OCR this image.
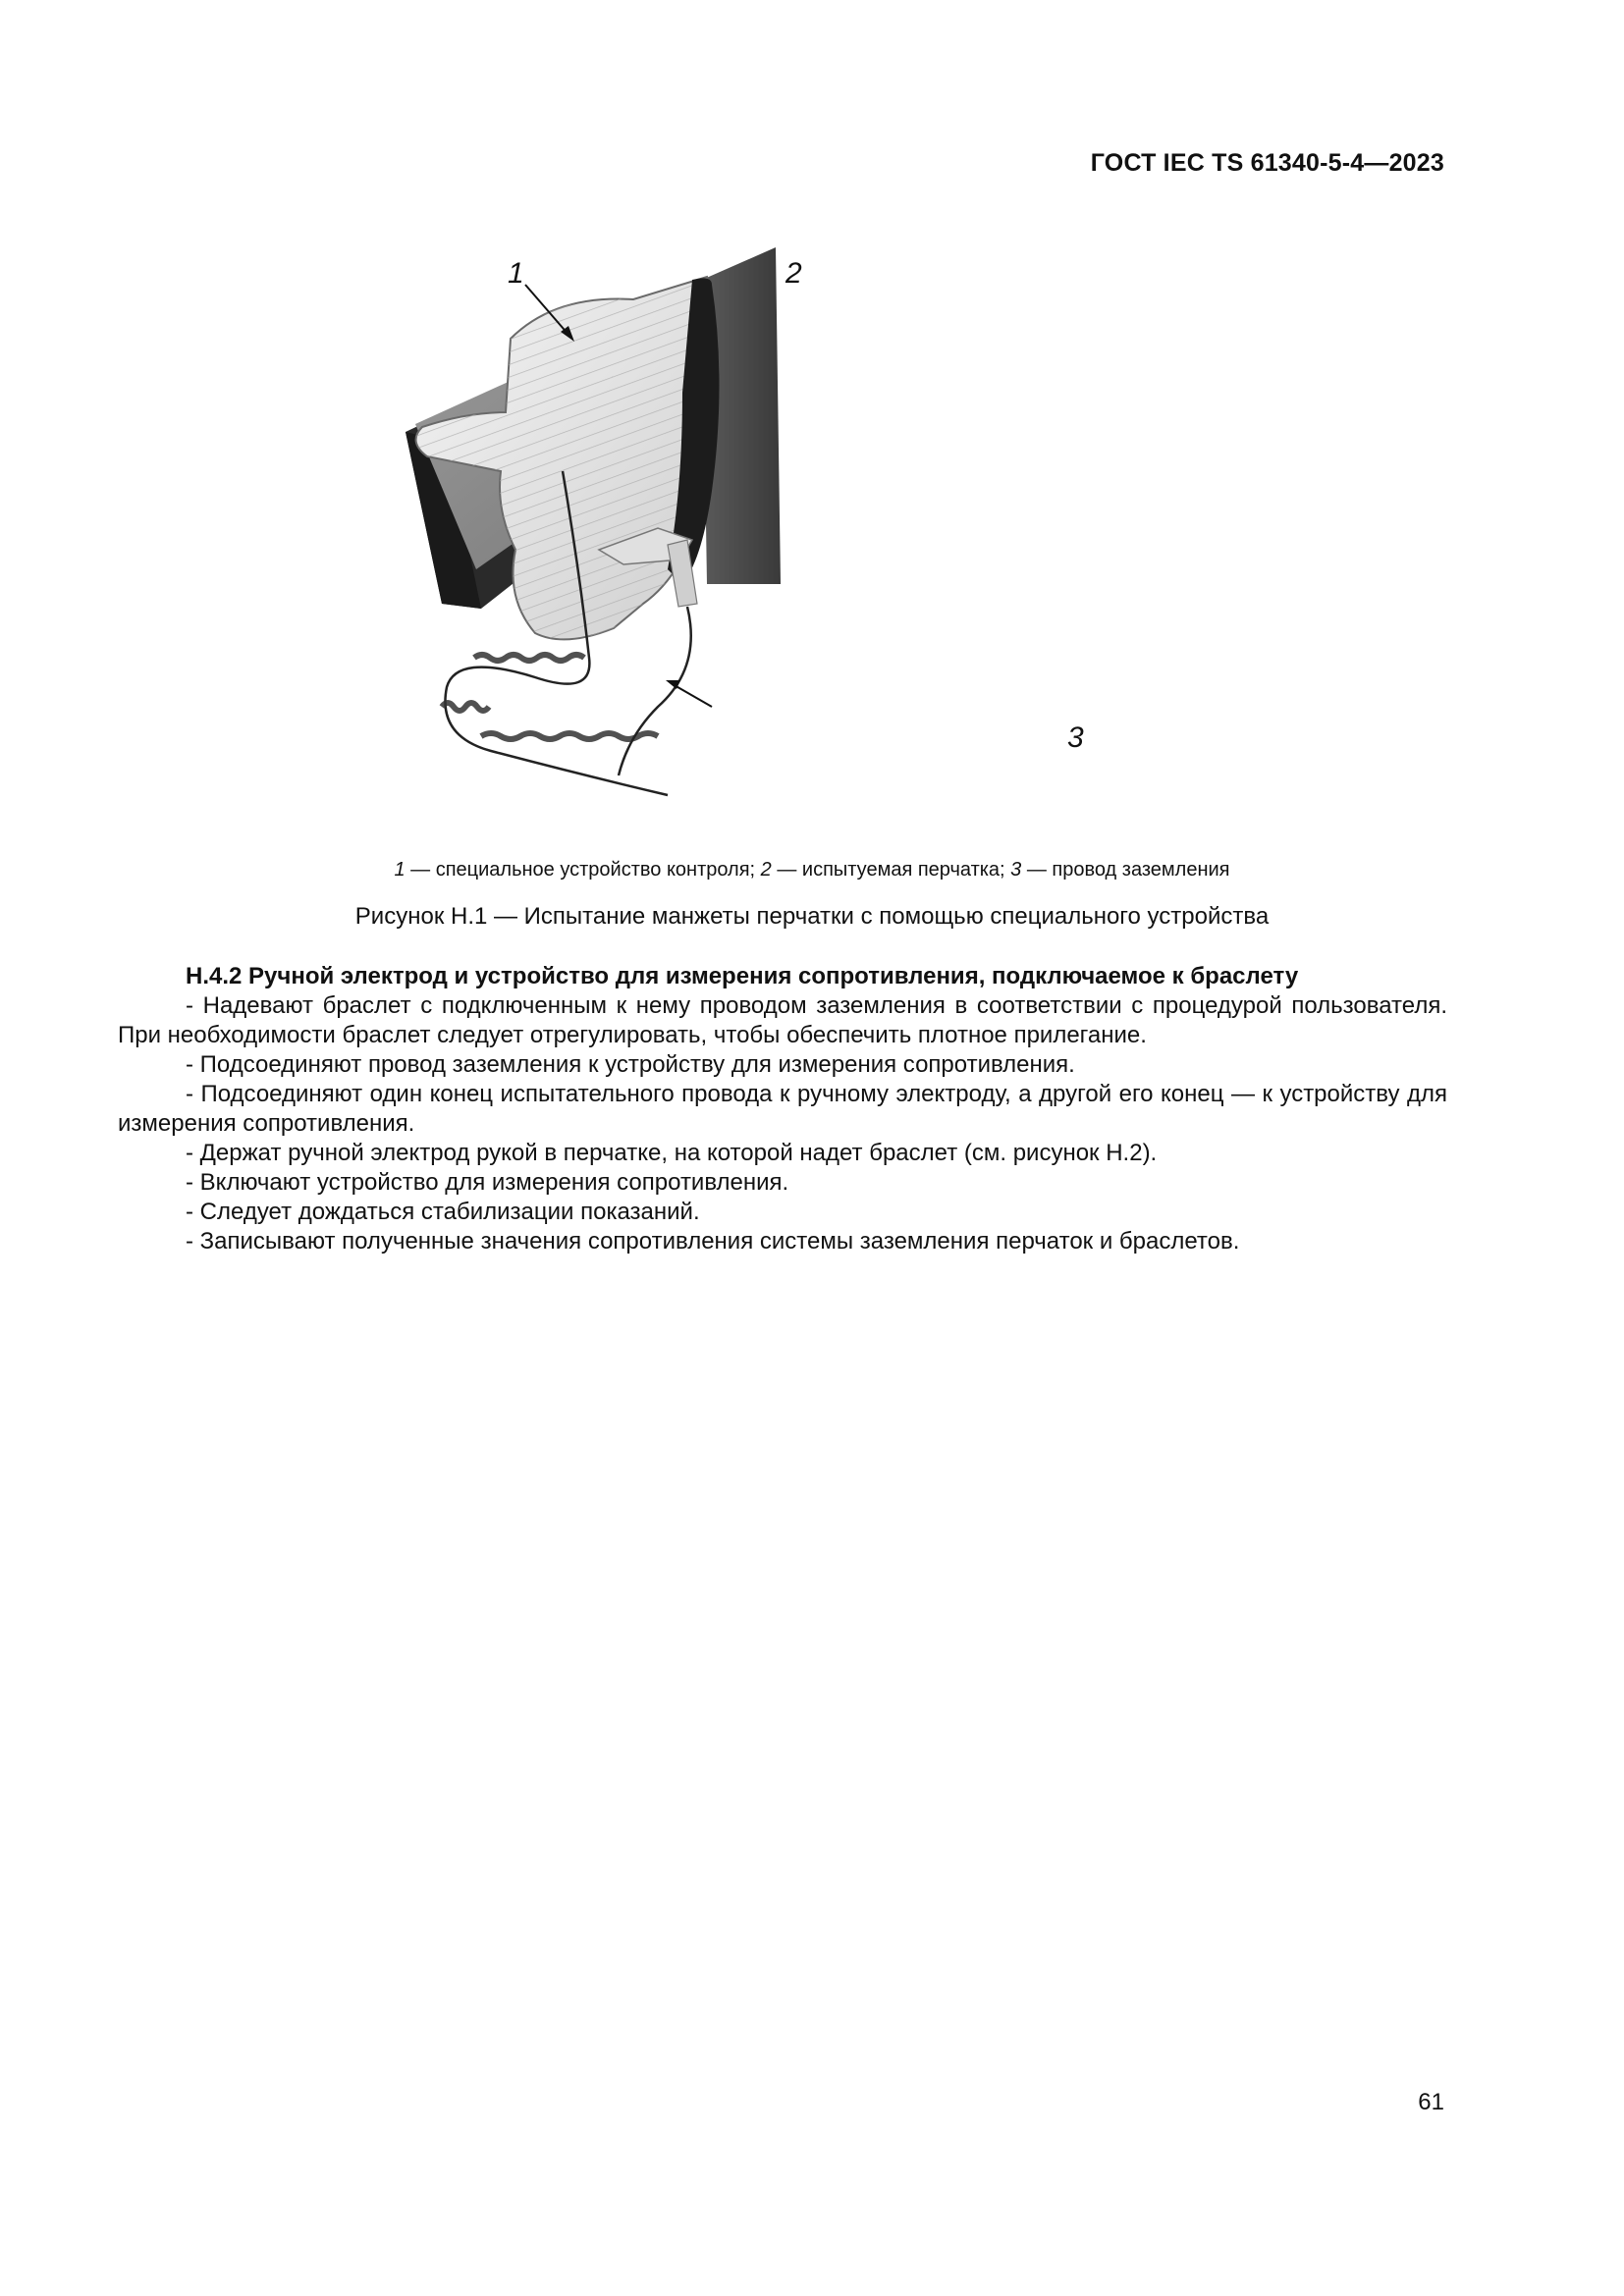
ГОСТ IEC TS 61340-5-4—2023
1	2
3
1 — специальное устройство контроля; 2 — испытуемая перчатка; 3 — провод заземления
Рисунок Н.1 — Испытание манжеты перчатки с помощью специального устройства

Н.4.2 Ручной электрод и устройство для измерения сопротивления, подключаемое к браслету

- Надевают браслет с подключенным к нему проводом заземления в соответствии с процедурой пользователя. При необходимости браслет следует отрегулировать, чтобы обеспечить плотное прилегание.

- Подсоединяют провод заземления к устройству для измерения сопротивления.

- Подсоединяют один конец испытательного провода к ручному электроду, а другой его конец — к устройству для измерения сопротивления.

- Держат ручной электрод рукой в перчатке, на которой надет браслет (см. рисунок Н.2).

- Включают устройство для измерения сопротивления.

- Следует дождаться стабилизации показаний.

- Записывают полученные значения сопротивления системы заземления перчаток и браслетов.

61
